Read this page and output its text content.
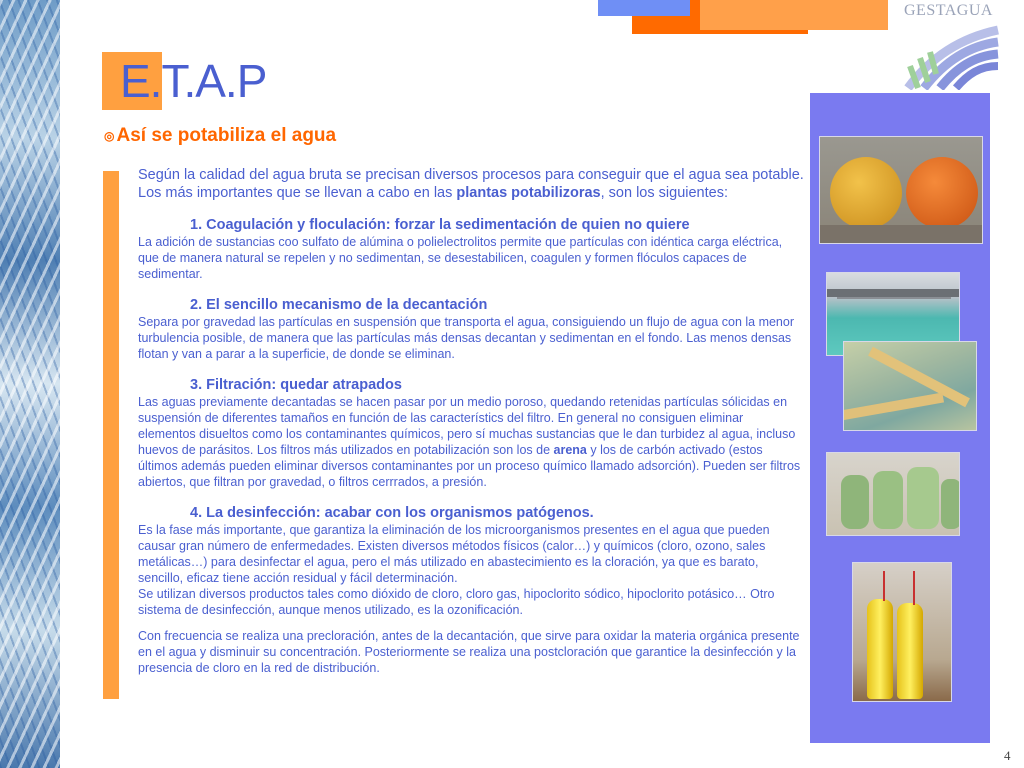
GESTAGUA
E.T.A.P
◎ Así se potabiliza el agua

Según la calidad del agua bruta se precisan diversos procesos para conseguir que el agua sea potable. Los más importantes que se llevan a cabo en las plantas potabilizoras, son los siguientes:

1. Coagulación y floculación: forzar la sedimentación de quien no quiere

La adición de sustancias coo sulfato de alúmina o polielectrolitos permite que partículas con idéntica carga eléctrica, que de manera natural se repelen y no sedimentan, se desestabilicen, coagulen y formen flóculos capaces de sedimentar.

2. El sencillo mecanismo de la decantación

Separa por gravedad las partículas en suspensión que transporta el agua, consiguiendo un flujo de agua con la menor turbulencia posible, de manera que las partículas más densas decantan y sedimentan en el fondo. Las menos densas flotan y van a parar a la superficie, de donde se eliminan.

3. Filtración: quedar atrapados

Las aguas previamente decantadas se hacen pasar por un medio poroso, quedando retenidas partículas sólicidas en suspensión de diferentes tamaños en función de las característics del filtro. En general no consiguen eliminar elementos disueltos como los contaminantes químicos, pero sí muchas sustancias que le dan turbidez al agua, incluso huevos de parásitos. Los filtros más utilizados en potabilización son los de arena y los de carbón activado (estos últimos además pueden eliminar diversos contaminantes por un proceso químico llamado adsorción). Pueden ser filtros abiertos, que filtran por gravedad, o filtros cerrrados, a presión.

4. La desinfección: acabar con los organismos patógenos.

Es la fase más importante, que garantiza la eliminación de los microorganismos presentes en el agua que pueden causar gran número de enfermedades. Existen diversos métodos físicos (calor…) y químicos (cloro, ozono, sales metálicas…) para desinfectar el agua, pero el más utilizado en abastecimiento es la cloración, ya que es barato, sencillo, eficaz tiene acción residual y fácil determinación.

Se utilizan diversos productos tales como dióxido de cloro, cloro gas, hipoclorito sódico, hipoclorito potásico… Otro sistema de desinfección, aunque menos utilizado, es la ozonificación.

Con frecuencia se realiza una precloración, antes de la decantación, que sirve para oxidar la materia orgánica presente en el agua y disminuir su concentración. Posteriormente se realiza una postcloración que garantice la desinfección y la presencia de cloro en la red de distribución.

4
